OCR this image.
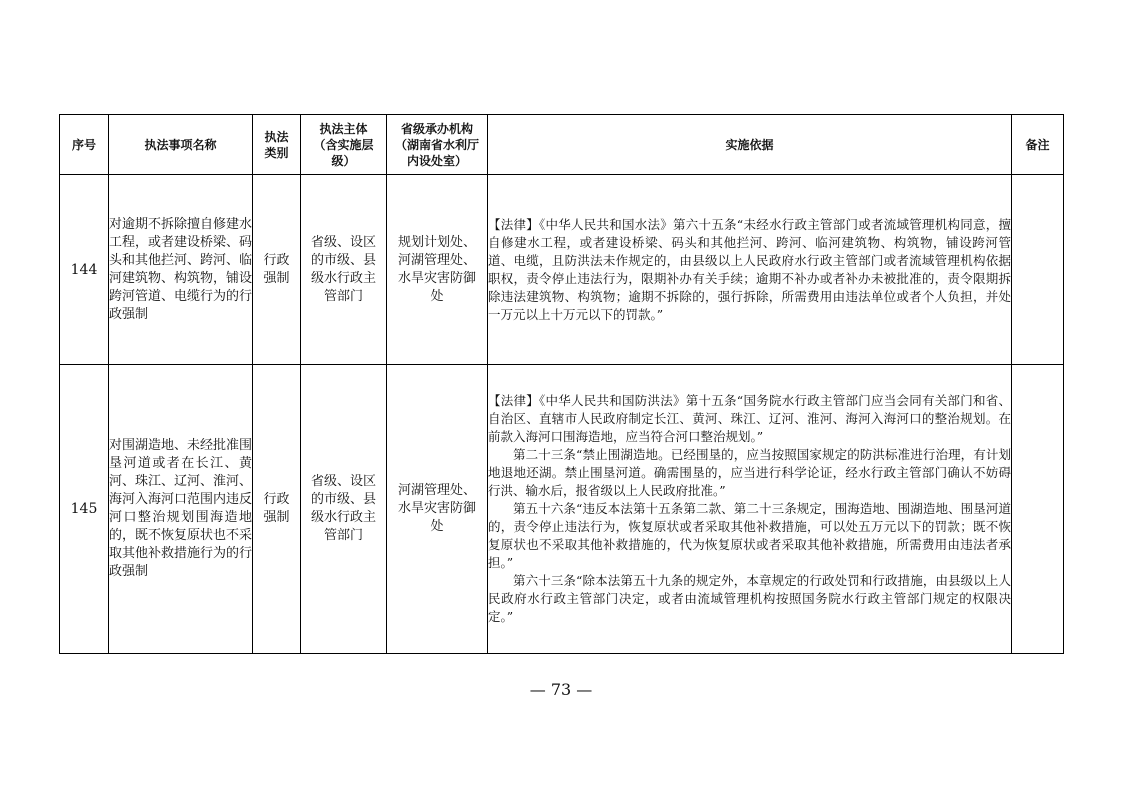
序号	执法事项名称	执法类别	执法主体（含实施层级）	省级承办机构（湖南省水利厅内设处室）	实施依据	备注
144	对逾期不拆除擅自修建水工程，或者建设桥梁、码头和其他拦河、跨河、临河建筑物、构筑物，铺设跨河管道、电缆行为的行政强制	行政强制	省级、设区的市级、县级水行政主管部门	规划计划处、河湖管理处、水旱灾害防御处	【法律】《中华人民共和国水法》第六十五条“未经水行政主管部门或者流域管理机构同意，擅自修建水工程，或者建设桥梁、码头和其他拦河、跨河、临河建筑物、构筑物，铺设跨河管道、电缆，且防洪法未作规定的，由县级以上人民政府水行政主管部门或者流域管理机构依据职权，责令停止违法行为，限期补办有关手续；逾期不补办或者补办未被批准的，责令限期拆除违法建筑物、构筑物；逾期不拆除的，强行拆除，所需费用由违法单位或者个人负担，并处一万元以上十万元以下的罚款。”	

145	对围湖造地、未经批准围垦河道或者在长江、黄河、珠江、辽河、淮河、海河入海河口范围内违反河口整治规划围海造地的，既不恢复原状也不采取其他补救措施行为的行政强制	行政强制	省级、设区的市级、县级水行政主管部门	河湖管理处、水旱灾害防御处	【法律】《中华人民共和国防洪法》第十五条“国务院水行政主管部门应当会同有关部门和省、自治区、直辖市人民政府制定长江、黄河、珠江、辽河、淮河、海河入海河口的整治规划。在前款入海河口围海造地，应当符合河口整治规划。”
第二十三条“禁止围湖造地。已经围垦的，应当按照国家规定的防洪标准进行治理，有计划地退地还湖。禁止围垦河道。确需围垦的，应当进行科学论证，经水行政主管部门确认不妨碍行洪、输水后，报省级以上人民政府批准。”
第五十六条“违反本法第十五条第二款、第二十三条规定，围海造地、围湖造地、围垦河道的，责令停止违法行为，恢复原状或者采取其他补救措施，可以处五万元以下的罚款；既不恢复原状也不采取其他补救措施的，代为恢复原状或者采取其他补救措施，所需费用由违法者承担。”
第六十三条“除本法第五十九条的规定外，本章规定的行政处罚和行政措施，由县级以上人民政府水行政主管部门决定，或者由流域管理机构按照国务院水行政主管部门规定的权限决定。”	

— 73 —
